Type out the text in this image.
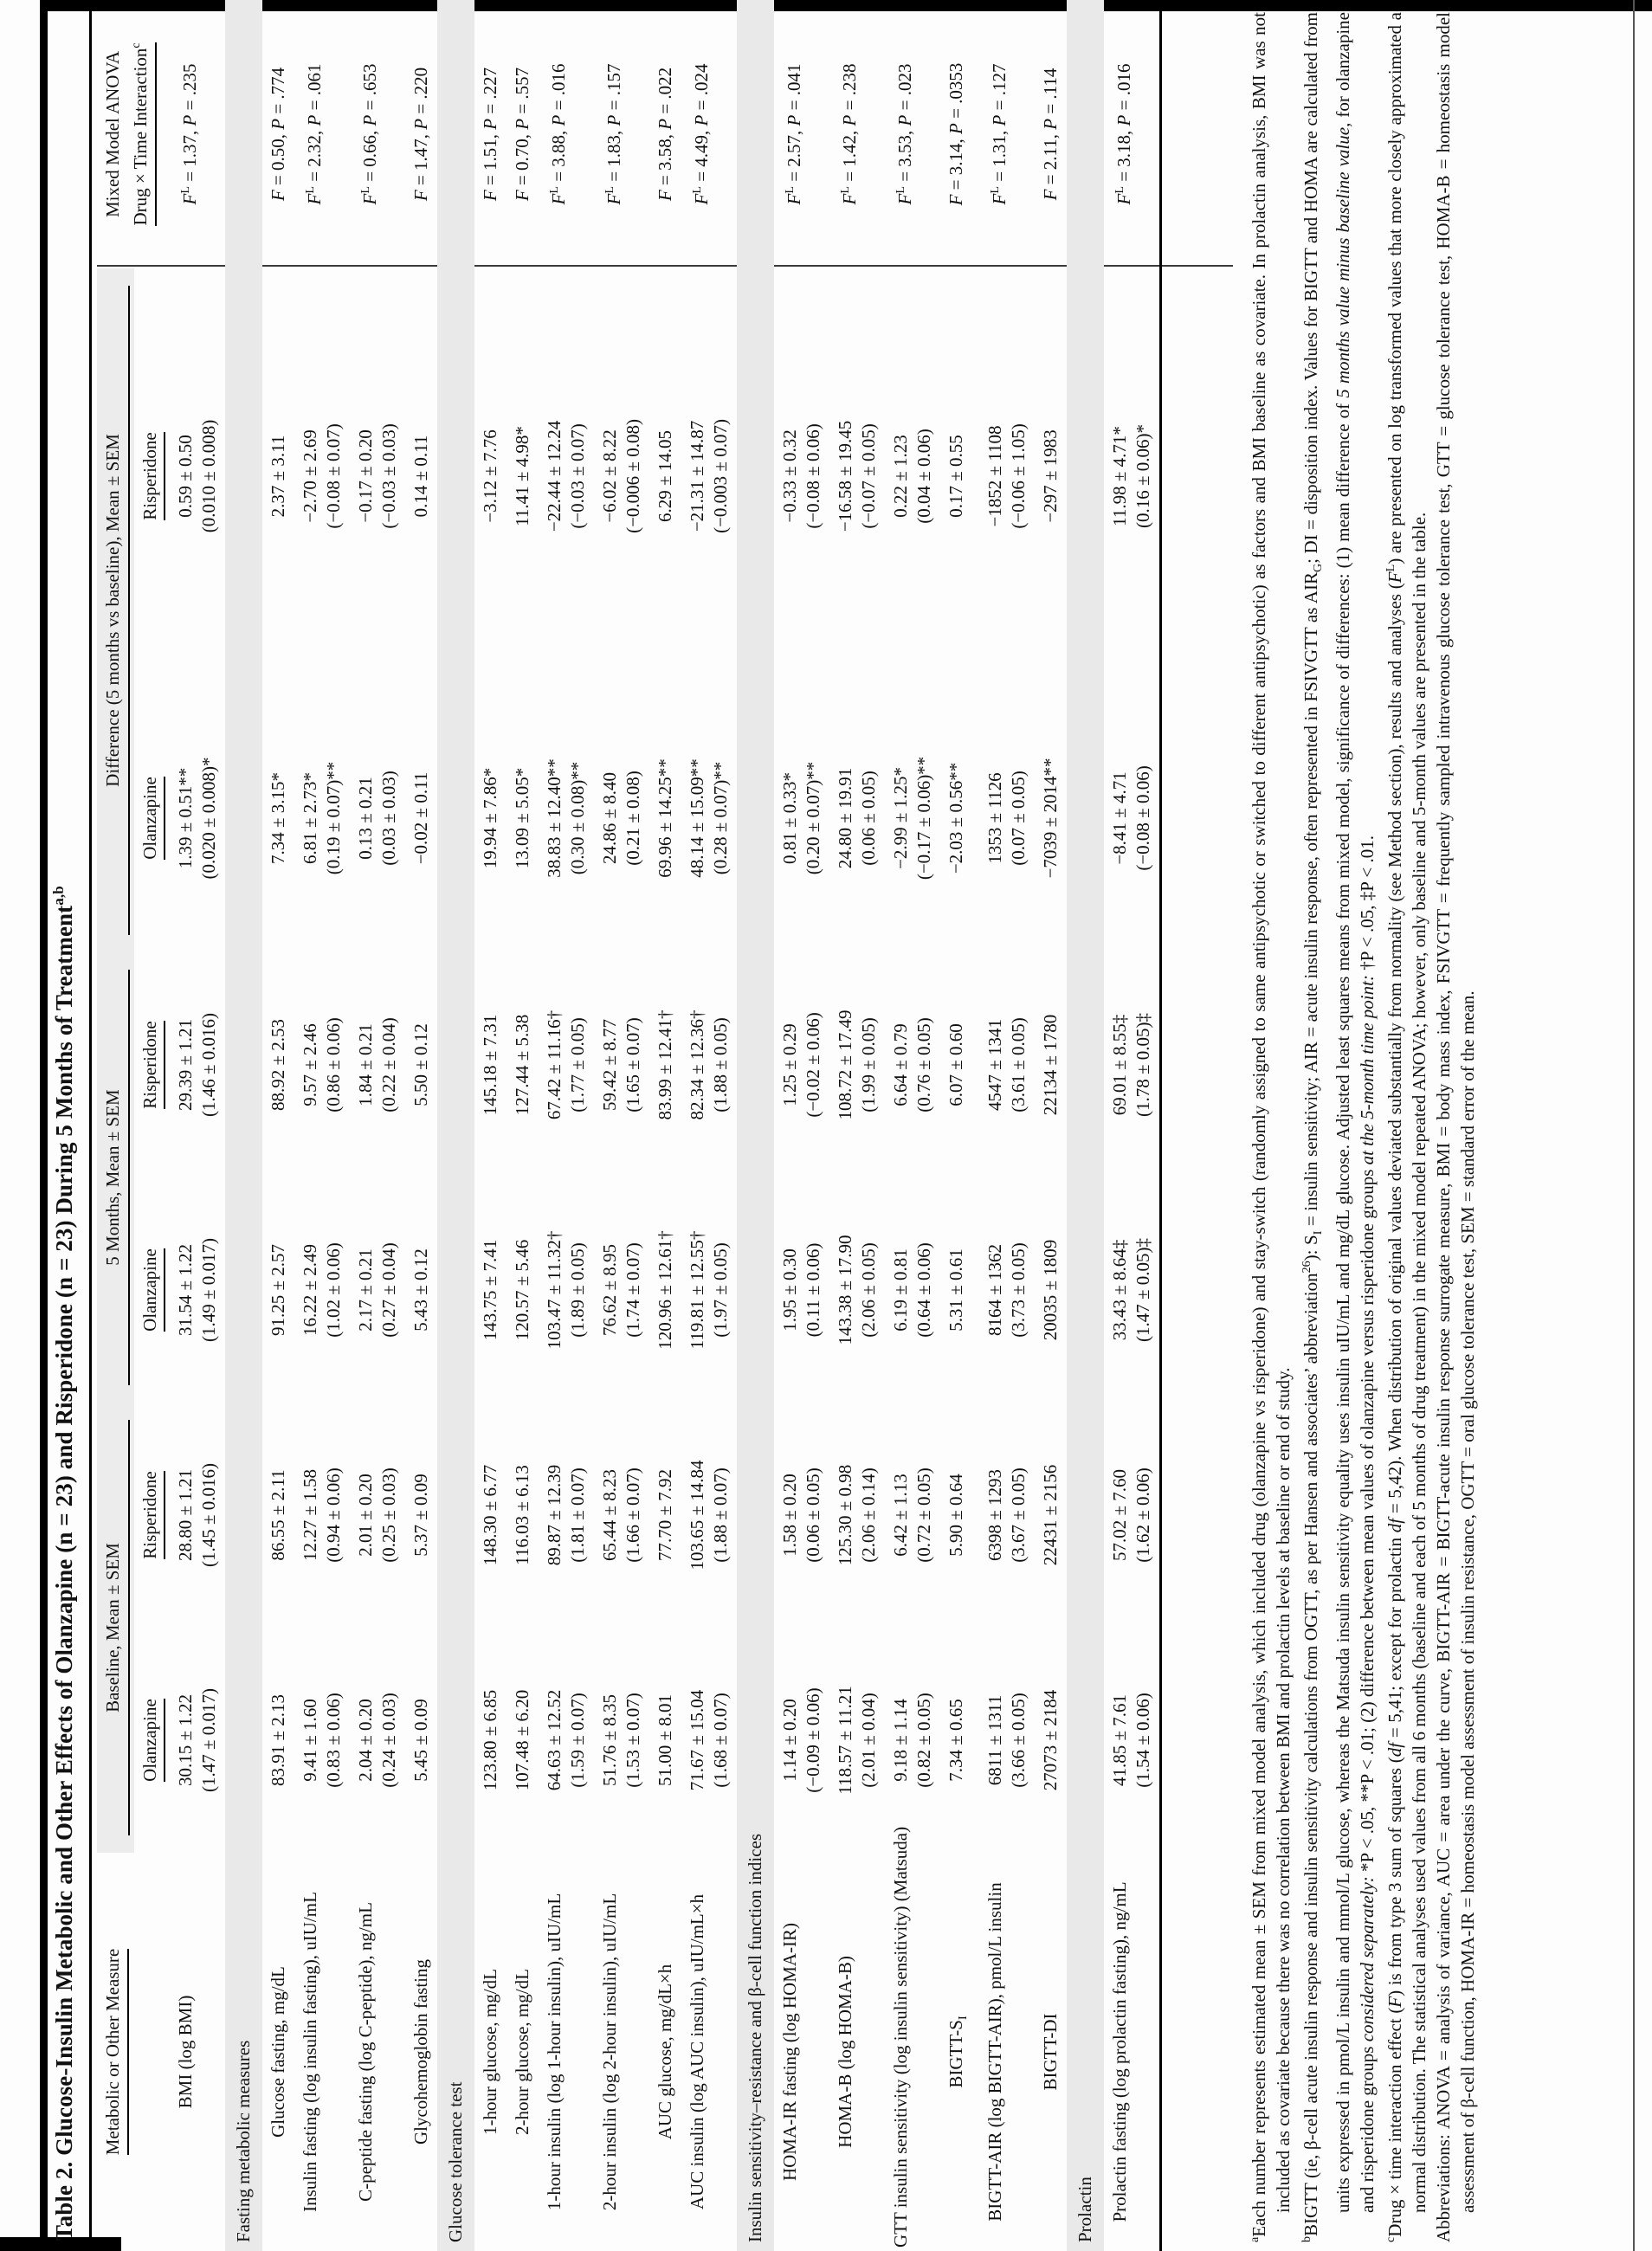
Table 2. Glucose-Insulin Metabolic and Other Effects of Olanzapine (n = 23) and Risperidone (n = 23) During 5 Months of Treatment$^{a,b}$
Metabolic or Other Measure	Baseline, Mean ± SEM		5 Months, Mean ± SEM		Difference (5 months vs baseline), Mean ± SEM		Mixed Model ANOVA Drug × Time Interaction$^c$
	Olanzapine	Risperidone	Olanzapine	Risperidone	Olanzapine	Risperidone	
BMI (log BMI)	30.15 ± 1.22 (1.47 ± 0.017)	28.80 ± 1.21 (1.45 ± 0.016)	31.54 ± 1.22 (1.49 ± 0.017)	29.39 ± 1.21 (1.46 ± 0.016)	1.39 ± 0.51** (0.020 ± 0.008)*	0.59 ± 0.50 (0.010 ± 0.008)	$F^L = 1.37$, P = .235
Fasting metabolic measures							
Glucose fasting, mg/dL	83.91 ± 2.13	86.55 ± 2.11	91.25 ± 2.57	88.92 ± 2.53	7.34 ± 3.15*	2.37 ± 3.11	F = 0.50, P = .774
Insulin fasting (log insulin fasting), uIU/mL	9.41 ± 1.60 (0.83 ± 0.06)	12.27 ± 1.58 (0.94 ± 0.06)	16.22 ± 2.49 (1.02 ± 0.06)	9.57 ± 2.46 (0.86 ± 0.06)	6.81 ± 2.73* (0.19 ± 0.07)**	−2.70 ± 2.69 (−0.08 ± 0.07)	$F^L = 2.32$, P = .061
C-peptide fasting (log C-peptide), ng/mL	2.04 ± 0.20 (0.24 ± 0.03)	2.01 ± 0.20 (0.25 ± 0.03)	2.17 ± 0.21 (0.27 ± 0.04)	1.84 ± 0.21 (0.22 ± 0.04)	0.13 ± 0.21 (0.03 ± 0.03)	−0.17 ± 0.20 (−0.03 ± 0.03)	$F^L = 0.66$, P = .653
Glycohemoglobin fasting	5.45 ± 0.09	5.37 ± 0.09	5.43 ± 0.12	5.50 ± 0.12	−0.02 ± 0.11	0.14 ± 0.11	F = 1.47, P = .220
Glucose tolerance test							
1-hour glucose, mg/dL	123.80 ± 6.85	148.30 ± 6.77	143.75 ± 7.41	145.18 ± 7.31	19.94 ± 7.86*	−3.12 ± 7.76	F = 1.51, P = .227
2-hour glucose, mg/dL	107.48 ± 6.20	116.03 ± 6.13	120.57 ± 5.46	127.44 ± 5.38	13.09 ± 5.05*	11.41 ± 4.98*	F = 0.70, P = .557
1-hour insulin (log 1-hour insulin), uIU/mL	64.63 ± 12.52 (1.59 ± 0.07)	89.87 ± 12.39 (1.81 ± 0.07)	103.47 ± 11.32† (1.89 ± 0.05)	67.42 ± 11.16† (1.77 ± 0.05)	38.83 ± 12.40** (0.30 ± 0.08)**	−22.44 ± 12.24 (−0.03 ± 0.07)	$F^L = 3.88$, P = .016
2-hour insulin (log 2-hour insulin), uIU/mL	51.76 ± 8.35 (1.53 ± 0.07)	65.44 ± 8.23 (1.66 ± 0.07)	76.62 ± 8.95 (1.74 ± 0.07)	59.42 ± 8.77 (1.65 ± 0.07)	24.86 ± 8.40 (0.21 ± 0.08)	−6.02 ± 8.22 (−0.006 ± 0.08)	$F^L = 1.83$, P = .157
AUC glucose, mg/dL×h	51.00 ± 8.01	77.70 ± 7.92	120.96 ± 12.61†	83.99 ± 12.41†	69.96 ± 14.25**	6.29 ± 14.05	F = 3.58, P = .022
AUC insulin (log AUC insulin), uIU/mL×h	71.67 ± 15.04 (1.68 ± 0.07)	103.65 ± 14.84 (1.88 ± 0.07)	119.81 ± 12.55† (1.97 ± 0.05)	82.34 ± 12.36† (1.88 ± 0.05)	48.14 ± 15.09** (0.28 ± 0.07)**	−21.31 ± 14.87 (−0.003 ± 0.07)	$F^L = 4.49$, P = .024
Insulin sensitivity–resistance and β-cell function indices							
HOMA-IR fasting (log HOMA-IR)	1.14 ± 0.20 (−0.09 ± 0.06)	1.58 ± 0.20 (0.06 ± 0.05)	1.95 ± 0.30 (0.11 ± 0.06)	1.25 ± 0.29 (−0.02 ± 0.06)	0.81 ± 0.33* (0.20 ± 0.07)**	−0.33 ± 0.32 (−0.08 ± 0.06)	$F^L = 2.57$, P = .041
HOMA-B (log HOMA-B)	118.57 ± 11.21 (2.01 ± 0.04)	125.30 ± 0.98 (2.06 ± 0.14)	143.38 ± 17.90 (2.06 ± 0.05)	108.72 ± 17.49 (1.99 ± 0.05)	24.80 ± 19.91 (0.06 ± 0.05)	−16.58 ± 19.45 (−0.07 ± 0.05)	$F^L = 1.42$, P = .238
GTT insulin sensitivity (log insulin sensitivity) (Matsuda)	9.18 ± 1.14 (0.82 ± 0.05)	6.42 ± 1.13 (0.72 ± 0.05)	6.19 ± 0.81 (0.64 ± 0.06)	6.64 ± 0.79 (0.76 ± 0.05)	−2.99 ± 1.25* (−0.17 ± 0.06)**	0.22 ± 1.23 (0.04 ± 0.06)	$F^L = 3.53$, P = .023
BIGTT-$S_I$	7.34 ± 0.65	5.90 ± 0.64	5.31 ± 0.61	6.07 ± 0.60	−2.03 ± 0.56**	0.17 ± 0.55	F = 3.14, P = .0353
BIGTT-AIR (log BIGTT-AIR), pmol/L insulin	6811 ± 1311 (3.66 ± 0.05)	6398 ± 1293 (3.67 ± 0.05)	8164 ± 1362 (3.73 ± 0.05)	4547 ± 1341 (3.61 ± 0.05)	1353 ± 1126 (0.07 ± 0.05)	−1852 ± 1108 (−0.06 ± 1.05)	$F^L = 1.31$, P = .127
BIGTT-DI	27073 ± 2184	22431 ± 2156	20035 ± 1809	22134 ± 1780	−7039 ± 2014**	−297 ± 1983	F = 2.11, P = .114
Prolactin							
Prolactin fasting (log prolactin fasting), ng/mL	41.85 ± 7.61 (1.54 ± 0.06)	57.02 ± 7.60 (1.62 ± 0.06)	33.43 ± 8.64‡ (1.47 ± 0.05)‡	69.01 ± 8.55‡ (1.78 ± 0.05)‡	−8.41 ± 4.71 (−0.08 ± 0.06)	11.98 ± 4.71* (0.16 ± 0.06)*	$F^L = 3.18$, P = .016

$^a$Each number represents estimated mean ± SEM from mixed model analysis, which included drug (olanzapine vs risperidone) and stay-switch (randomly assigned to same antipsychotic or switched to different antipsychotic) as factors and BMI baseline as covariate. In prolactin analysis, BMI was not included as covariate because there was no correlation between BMI and prolactin levels at baseline or end of study.

$^b$BIGTT (ie, β-cell acute insulin response and insulin sensitivity calculations from OGTT, as per Hansen and associates’ abbreviation$^{26}$): $S_I$ = insulin sensitivity; AIR = acute insulin response, often represented in FSIVGTT as $AIR_G$; DI = disposition index. Values for BIGTT and HOMA are calculated from units expressed in pmol/L insulin and mmol/L glucose, whereas the Matsuda insulin sensitivity equality uses insulin uIU/mL and mg/dL glucose. Adjusted least squares means from mixed model, significance of differences: (1) mean difference of 5 months value minus baseline value, for olanzapine and risperidone groups considered separately: *P < .05, **P < .01; (2) difference between mean values of olanzapine versus risperidone groups at the 5-month time point: †P < .05, ‡P < .01.

$^c$Drug × time interaction effect (F) is from type 3 sum of squares (df = 5,41; except for prolactin df = 5,42). When distribution of original values deviated substantially from normality (see Method section), results and analyses $(F^L)$ are presented on log transformed values that more closely approximated a normal distribution. The statistical analyses used values from all 6 months (baseline and each of 5 months of drug treatment) in the mixed model repeated ANOVA; however, only baseline and 5-month values are presented in the table. Abbreviations: ANOVA = analysis of variance, AUC = area under the curve, BIGTT-AIR = BIGTT-acute insulin response surrogate measure, BMI = body mass index, FSIVGTT = frequently sampled intravenous glucose tolerance test, GTT = glucose tolerance test, HOMA-B = homeostasis model assessment of β-cell function, HOMA-IR = homeostasis model assessment of insulin resistance, OGTT = oral glucose tolerance test, SEM = standard error of the mean.
